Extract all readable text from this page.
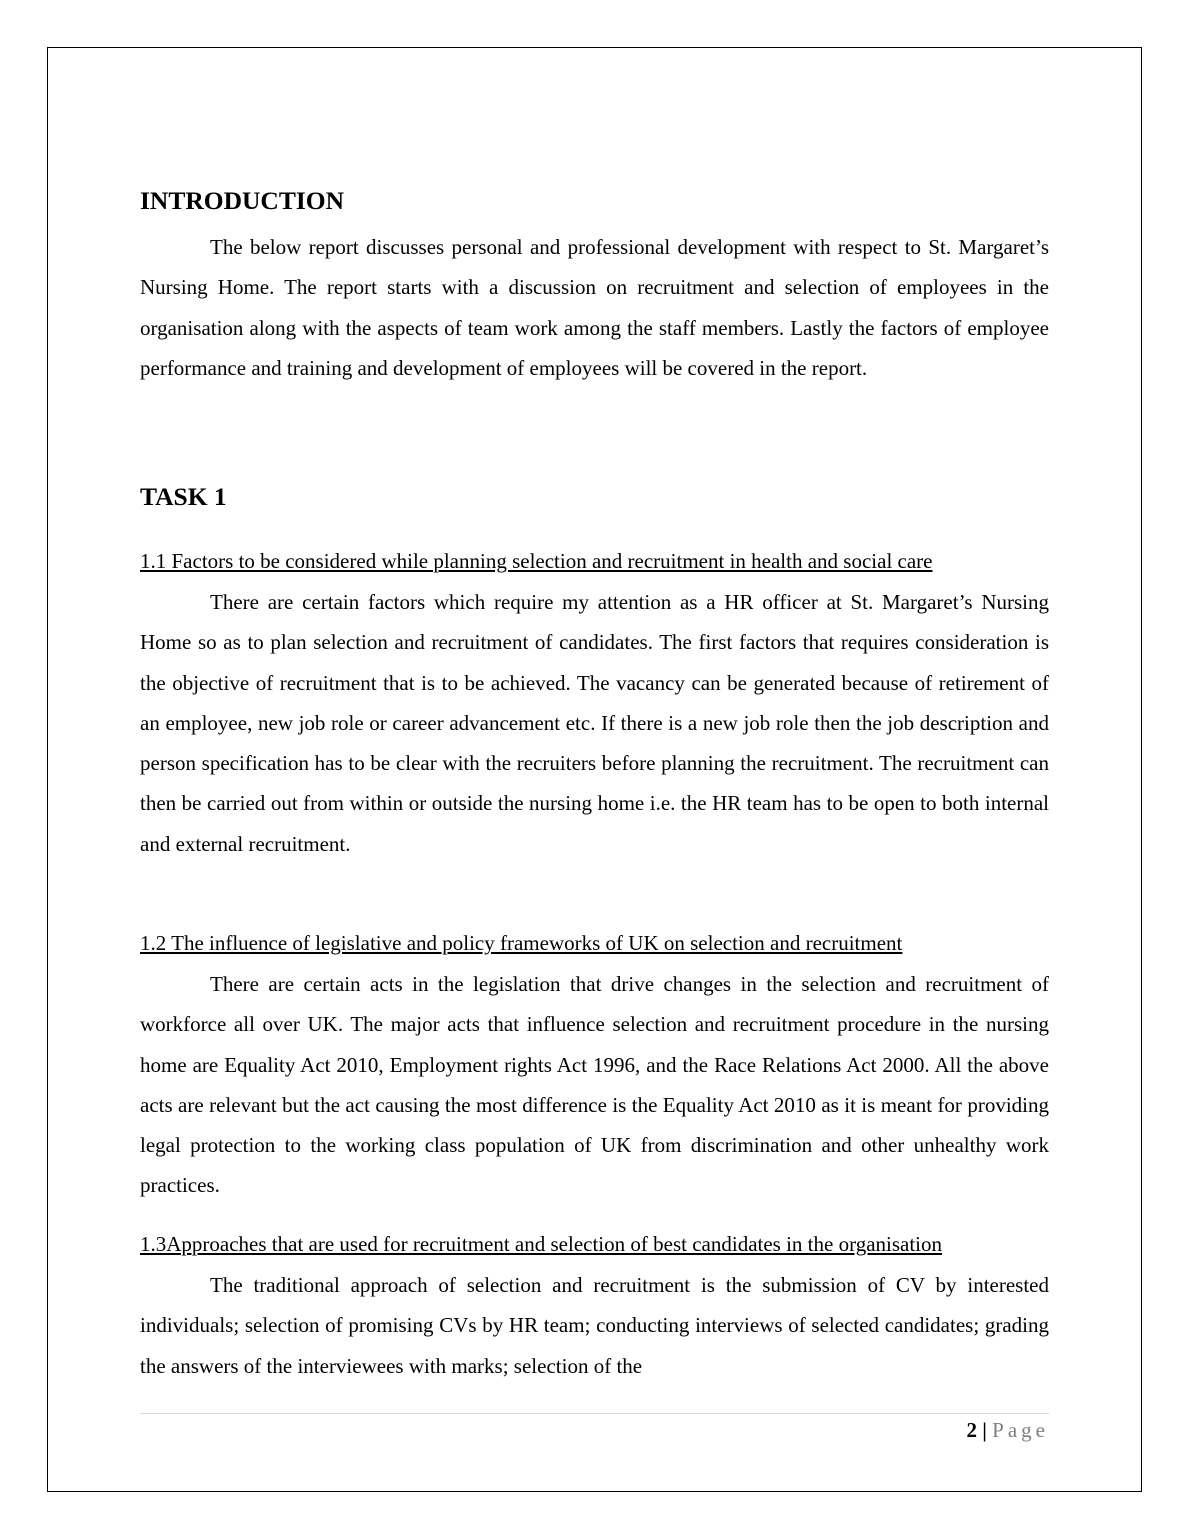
INTRODUCTION

The below report discusses personal and professional development with respect to St. Margaret’s Nursing Home. The report starts with a discussion on recruitment and selection of employees in the organisation along with the aspects of team work among the staff members. Lastly the factors of employee performance and training and development of employees will be covered in the report.

TASK 1

1.1 Factors to be considered while planning selection and recruitment in health and social care

There are certain factors which require my attention as a HR officer at St. Margaret’s Nursing Home so as to plan selection and recruitment of candidates. The first factors that requires consideration is the objective of recruitment that is to be achieved. The vacancy can be generated because of retirement of an employee, new job role or career advancement etc. If there is a new job role then the job description and person specification has to be clear with the recruiters before planning the recruitment. The recruitment can then be carried out from within or outside the nursing home i.e. the HR team has to be open to both internal and external recruitment.

1.2 The influence of legislative and policy frameworks of UK on selection and recruitment

There are certain acts in the legislation that drive changes in the selection and recruitment of workforce all over UK. The major acts that influence selection and recruitment procedure in the nursing home are Equality Act 2010, Employment rights Act 1996, and the Race Relations Act 2000. All the above acts are relevant but the act causing the most difference is the Equality Act 2010 as it is meant for providing legal protection to the working class population of UK from discrimination and other unhealthy work practices.

1.3Approaches that are used for recruitment and selection of best candidates in the organisation

The traditional approach of selection and recruitment is the submission of CV by interested individuals; selection of promising CVs by HR team; conducting interviews of selected candidates; grading the answers of the interviewees with marks; selection of the

2 | Page
